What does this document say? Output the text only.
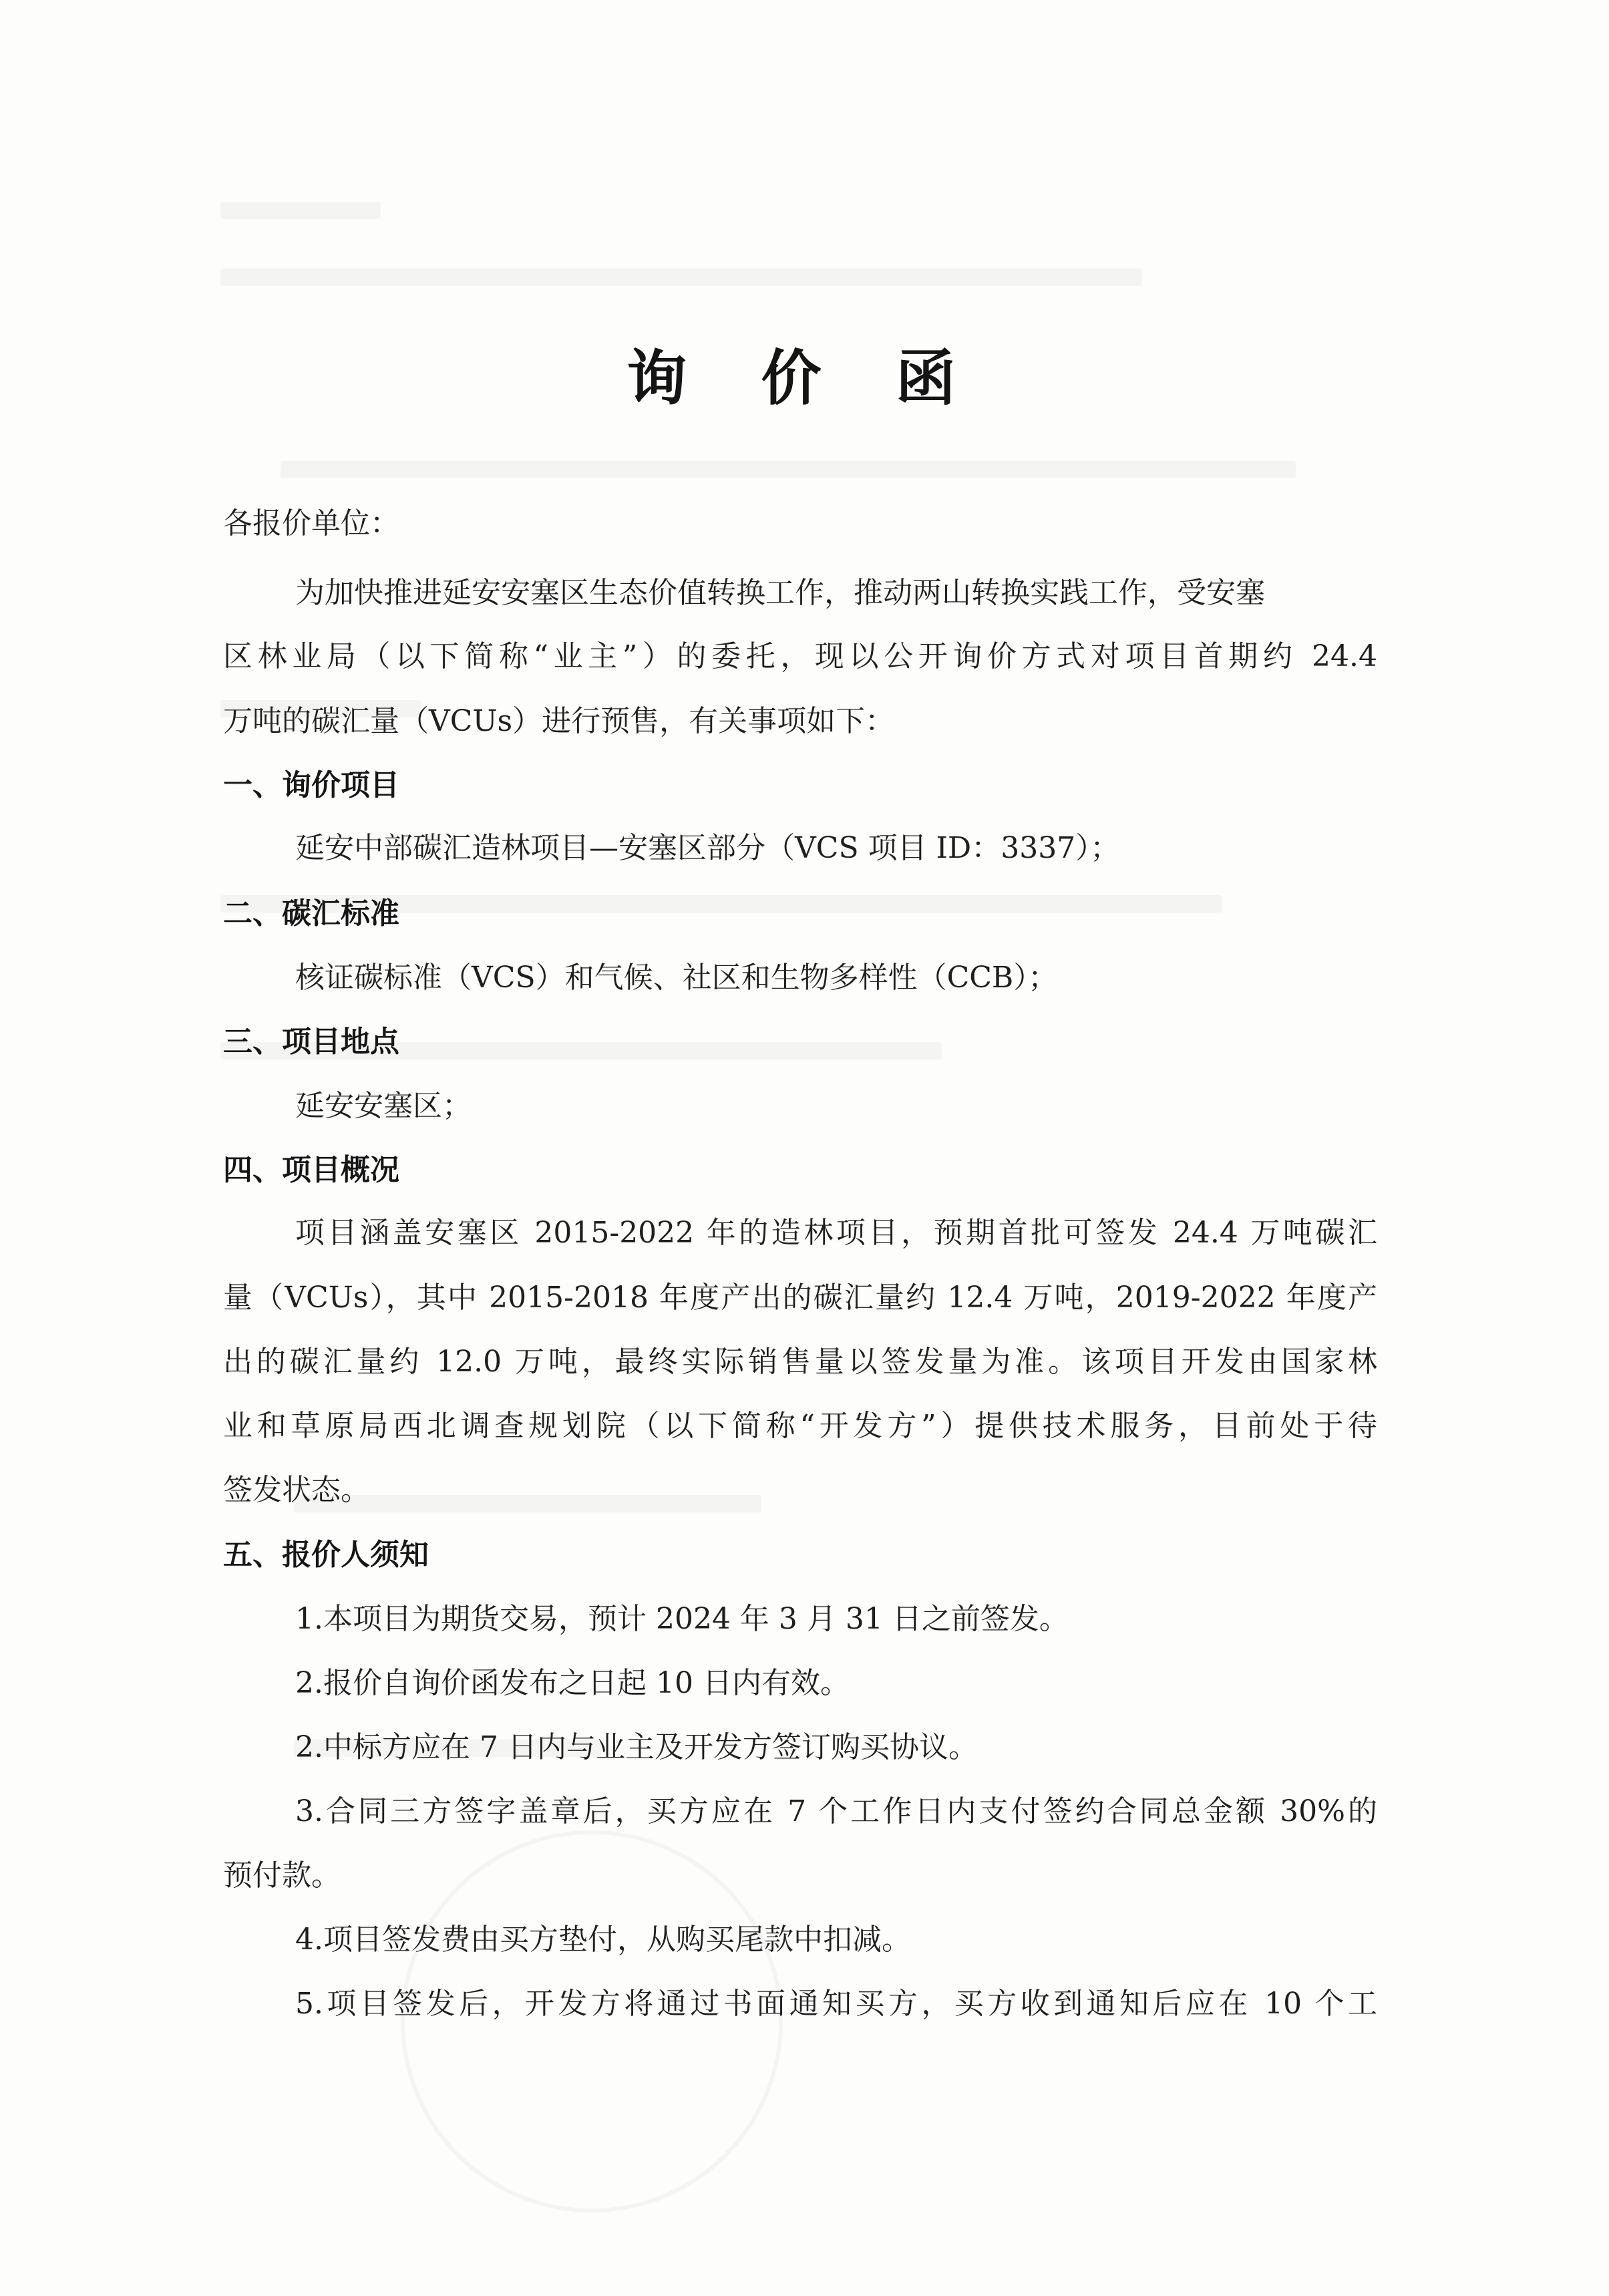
询 价 函
各报价单位：
为加快推进延安安塞区生态价值转换工作，推动两山转换实践工作，受安塞
区林业局（以下简称“业主”）的委托，现以公开询价方式对项目首期约 24.4
万吨的碳汇量（VCUs）进行预售，有关事项如下：
一、询价项目
延安中部碳汇造林项目—安塞区部分（VCS 项目 ID：3337）；
二、碳汇标准
核证碳标准（VCS）和气候、社区和生物多样性（CCB）；
三、项目地点
延安安塞区；
四、项目概况
项目涵盖安塞区 2015-2022 年的造林项目，预期首批可签发 24.4 万吨碳汇
量（VCUs），其中 2015-2018 年度产出的碳汇量约 12.4 万吨，2019-2022 年度产
出的碳汇量约 12.0 万吨，最终实际销售量以签发量为准。该项目开发由国家林
业和草原局西北调查规划院（以下简称“开发方”）提供技术服务，目前处于待
签发状态。
五、报价人须知
1.本项目为期货交易，预计 2024 年 3 月 31 日之前签发。
2.报价自询价函发布之日起 10 日内有效。
2.中标方应在 7 日内与业主及开发方签订购买协议。
3.合同三方签字盖章后，买方应在 7 个工作日内支付签约合同总金额 30%的
预付款。
4.项目签发费由买方垫付，从购买尾款中扣减。
5.项目签发后，开发方将通过书面通知买方，买方收到通知后应在 10 个工
